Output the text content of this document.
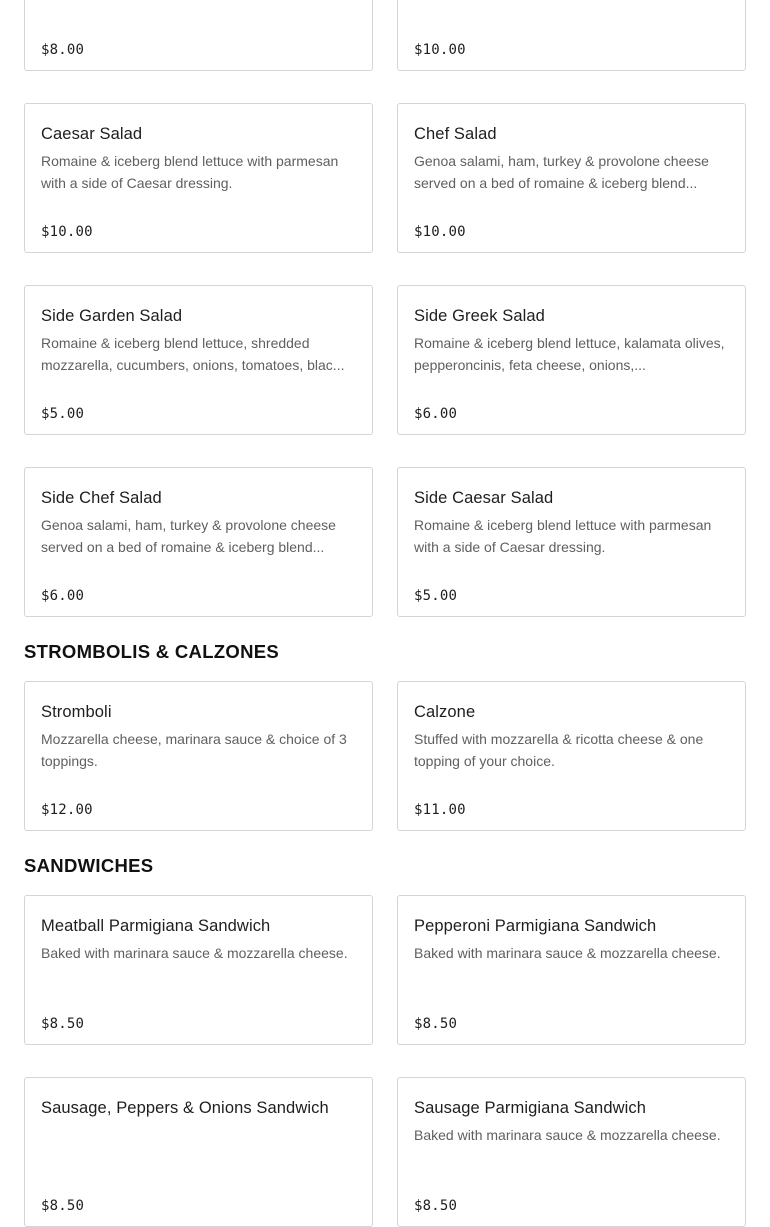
$8.00	$10.00
Caesar Salad
Romaine & iceberg blend lettuce with parmesan with a side of Caesar dressing.
$10.00
Chef Salad
Genoa salami, ham, turkey & provolone cheese served on a bed of romaine & iceberg blend...
$10.00
Side Garden Salad
Romaine & iceberg blend lettuce, shredded mozzarella, cucumbers, onions, tomatoes, blac...
$5.00
Side Greek Salad
Romaine & iceberg blend lettuce, kalamata olives, pepperoncinis, feta cheese, onions,...
$6.00
Side Chef Salad
Genoa salami, ham, turkey & provolone cheese served on a bed of romaine & iceberg blend...
$6.00
Side Caesar Salad
Romaine & iceberg blend lettuce with parmesan with a side of Caesar dressing.
$5.00
STROMBOLIS & CALZONES
Stromboli
Mozzarella cheese, marinara sauce & choice of 3 toppings.
$12.00
Calzone
Stuffed with mozzarella & ricotta cheese & one topping of your choice.
$11.00
SANDWICHES
Meatball Parmigiana Sandwich
Baked with marinara sauce & mozzarella cheese.
$8.50
Pepperoni Parmigiana Sandwich
Baked with marinara sauce & mozzarella cheese.
$8.50
Sausage, Peppers & Onions Sandwich
$8.50
Sausage Parmigiana Sandwich
Baked with marinara sauce & mozzarella cheese.
$8.50
